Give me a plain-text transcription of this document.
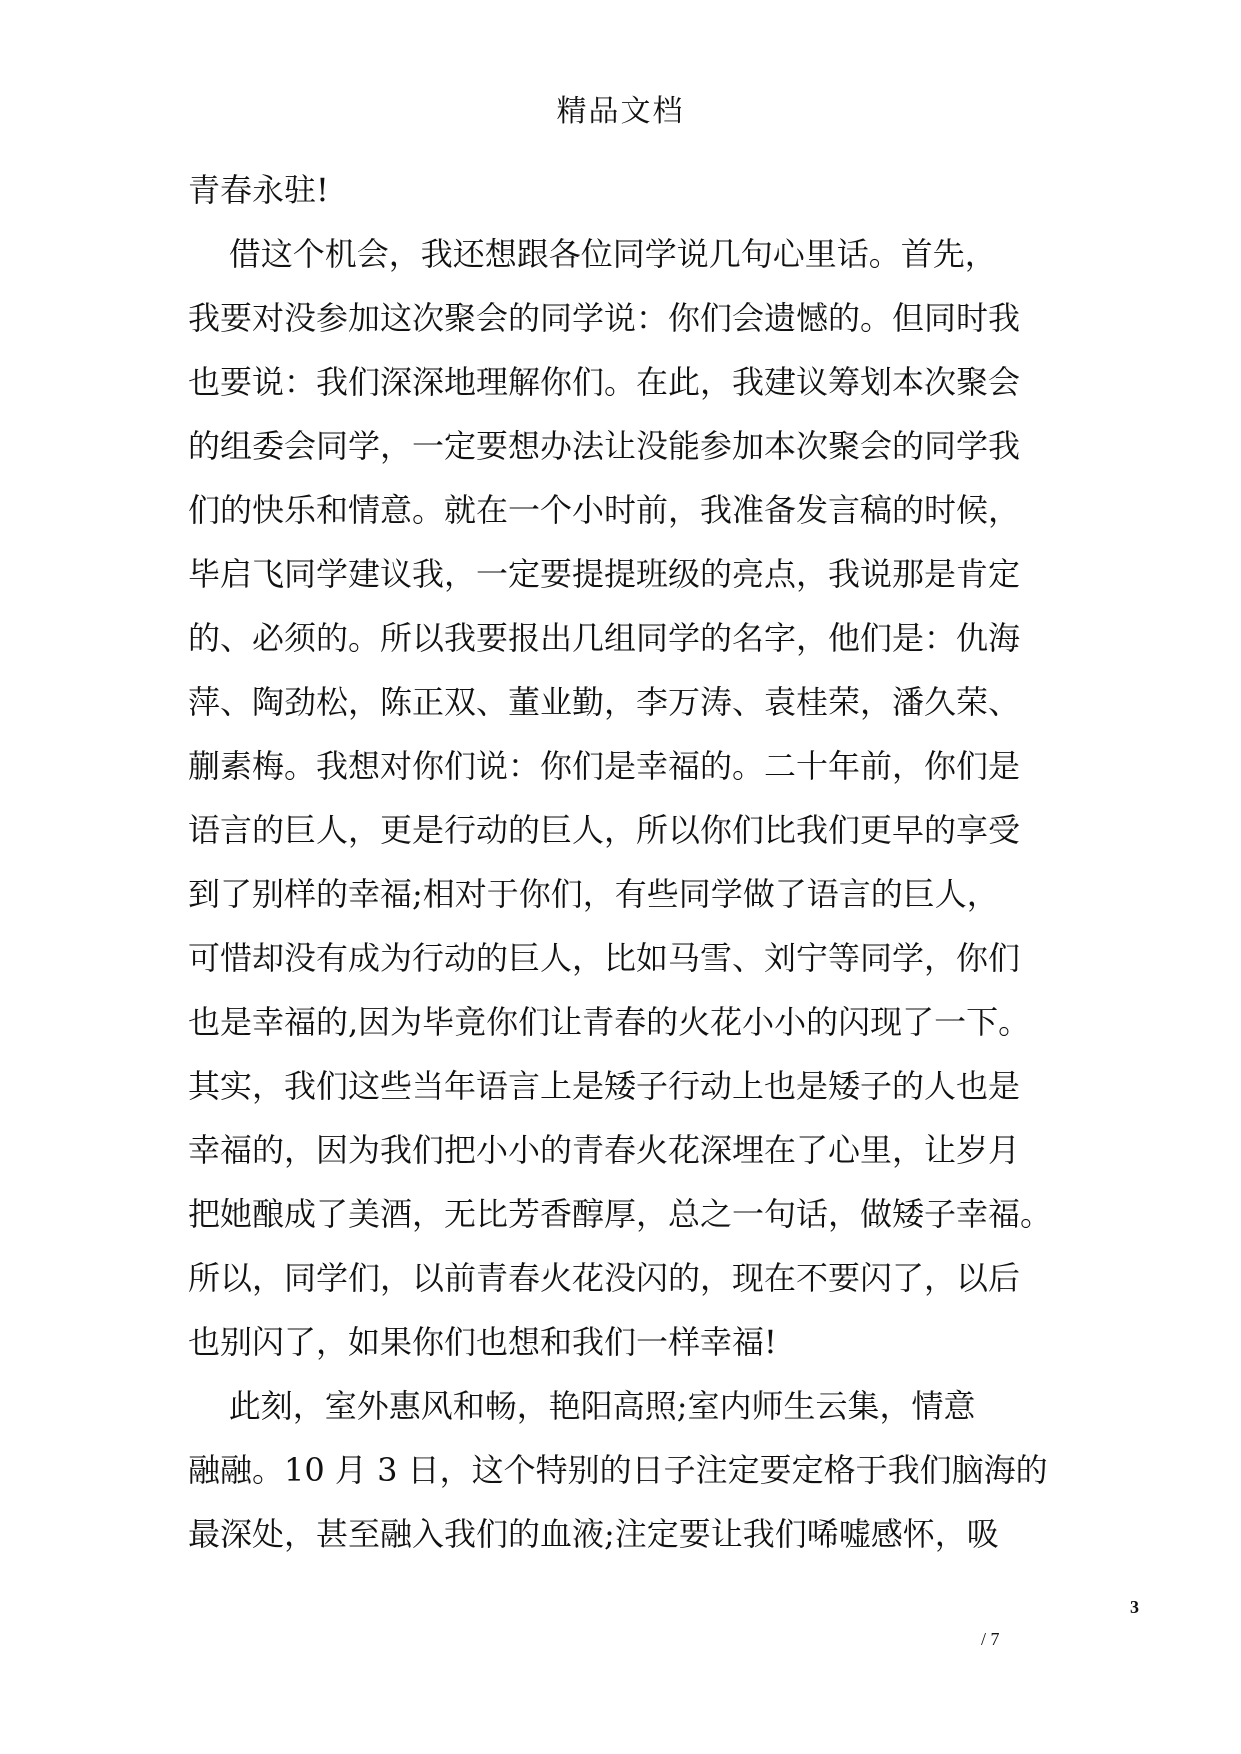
精品文档
青春永驻!
借这个机会，我还想跟各位同学说几句心里话。首先，
我要对没参加这次聚会的同学说：你们会遗憾的。但同时我
也要说：我们深深地理解你们。在此，我建议筹划本次聚会
的组委会同学，一定要想办法让没能参加本次聚会的同学我
们的快乐和情意。就在一个小时前，我准备发言稿的时候，
毕启飞同学建议我，一定要提提班级的亮点，我说那是肯定
的、必须的。所以我要报出几组同学的名字，他们是：仇海
萍、陶劲松，陈正双、董业勤，李万涛、袁桂荣，潘久荣、
蒯素梅。我想对你们说：你们是幸福的。二十年前，你们是
语言的巨人，更是行动的巨人，所以你们比我们更早的享受
到了别样的幸福;相对于你们，有些同学做了语言的巨人，
可惜却没有成为行动的巨人，比如马雪、刘宁等同学，你们
也是幸福的,因为毕竟你们让青春的火花小小的闪现了一下。
其实，我们这些当年语言上是矮子行动上也是矮子的人也是
幸福的，因为我们把小小的青春火花深埋在了心里，让岁月
把她酿成了美酒，无比芳香醇厚，总之一句话，做矮子幸福。
所以，同学们，以前青春火花没闪的，现在不要闪了，以后
也别闪了，如果你们也想和我们一样幸福!
此刻，室外惠风和畅，艳阳高照;室内师生云集，情意
融融。10 月 3 日，这个特别的日子注定要定格于我们脑海的
最深处，甚至融入我们的血液;注定要让我们唏嘘感怀，吸
3
/ 7
